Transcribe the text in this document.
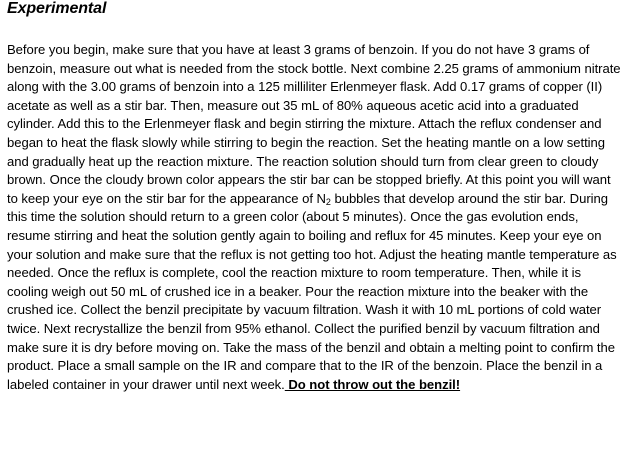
Experimental

Before you begin, make sure that you have at least 3 grams of benzoin. If you do not have 3 grams of benzoin, measure out what is needed from the stock bottle. Next combine 2.25 grams of ammonium nitrate along with the 3.00 grams of benzoin into a 125 milliliter Erlenmeyer flask. Add 0.17 grams of copper (II) acetate as well as a stir bar. Then, measure out 35 mL of 80% aqueous acetic acid into a graduated cylinder. Add this to the Erlenmeyer flask and begin stirring the mixture. Attach the reflux condenser and began to heat the flask slowly while stirring to begin the reaction. Set the heating mantle on a low setting and gradually heat up the reaction mixture. The reaction solution should turn from clear green to cloudy brown. Once the cloudy brown color appears the stir bar can be stopped briefly. At this point you will want to keep your eye on the stir bar for the appearance of $N_2$ bubbles that develop around the stir bar. During this time the solution should return to a green color (about 5 minutes). Once the gas evolution ends, resume stirring and heat the solution gently again to boiling and reflux for 45 minutes. Keep your eye on your solution and make sure that the reflux is not getting too hot. Adjust the heating mantle temperature as needed. Once the reflux is complete, cool the reaction mixture to room temperature. Then, while it is cooling weigh out 50 mL of crushed ice in a beaker. Pour the reaction mixture into the beaker with the crushed ice. Collect the benzil precipitate by vacuum filtration. Wash it with 10 mL portions of cold water twice. Next recrystallize the benzil from 95% ethanol. Collect the purified benzil by vacuum filtration and make sure it is dry before moving on. Take the mass of the benzil and obtain a melting point to confirm the product. Place a small sample on the IR and compare that to the IR of the benzoin. Place the benzil in a labeled container in your drawer until next week. Do not throw out the benzil!
